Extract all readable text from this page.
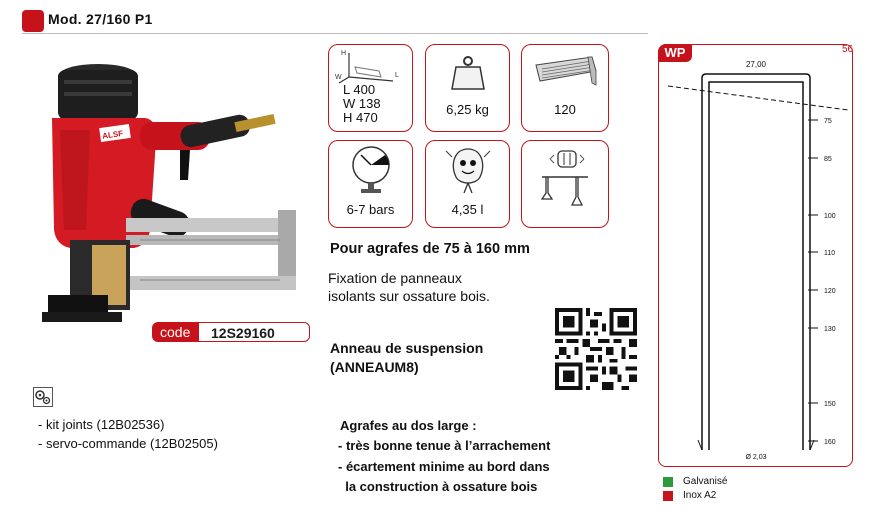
Mod. 27/160 P1
ALSF
H
W	L
L 400
W 138
H 470
6,25 kg	120
6-7 bars	4,35 l
Pour agrafes de 75 à 160 mm
Fixation de panneaux
isolants sur ossature bois.
code	12S29160
Anneau de suspension
(ANNEAUM8)
- kit joints (12B02536)
- servo-commande (12B02505)
Agrafes au dos large :
- très bonne tenue à l’arrachement
- écartement minime au bord dans
la construction à ossature bois
WP	56
27,00
75
85
100
110
120
130
150
160
Ø 2,03
Galvanisé
Inox A2
